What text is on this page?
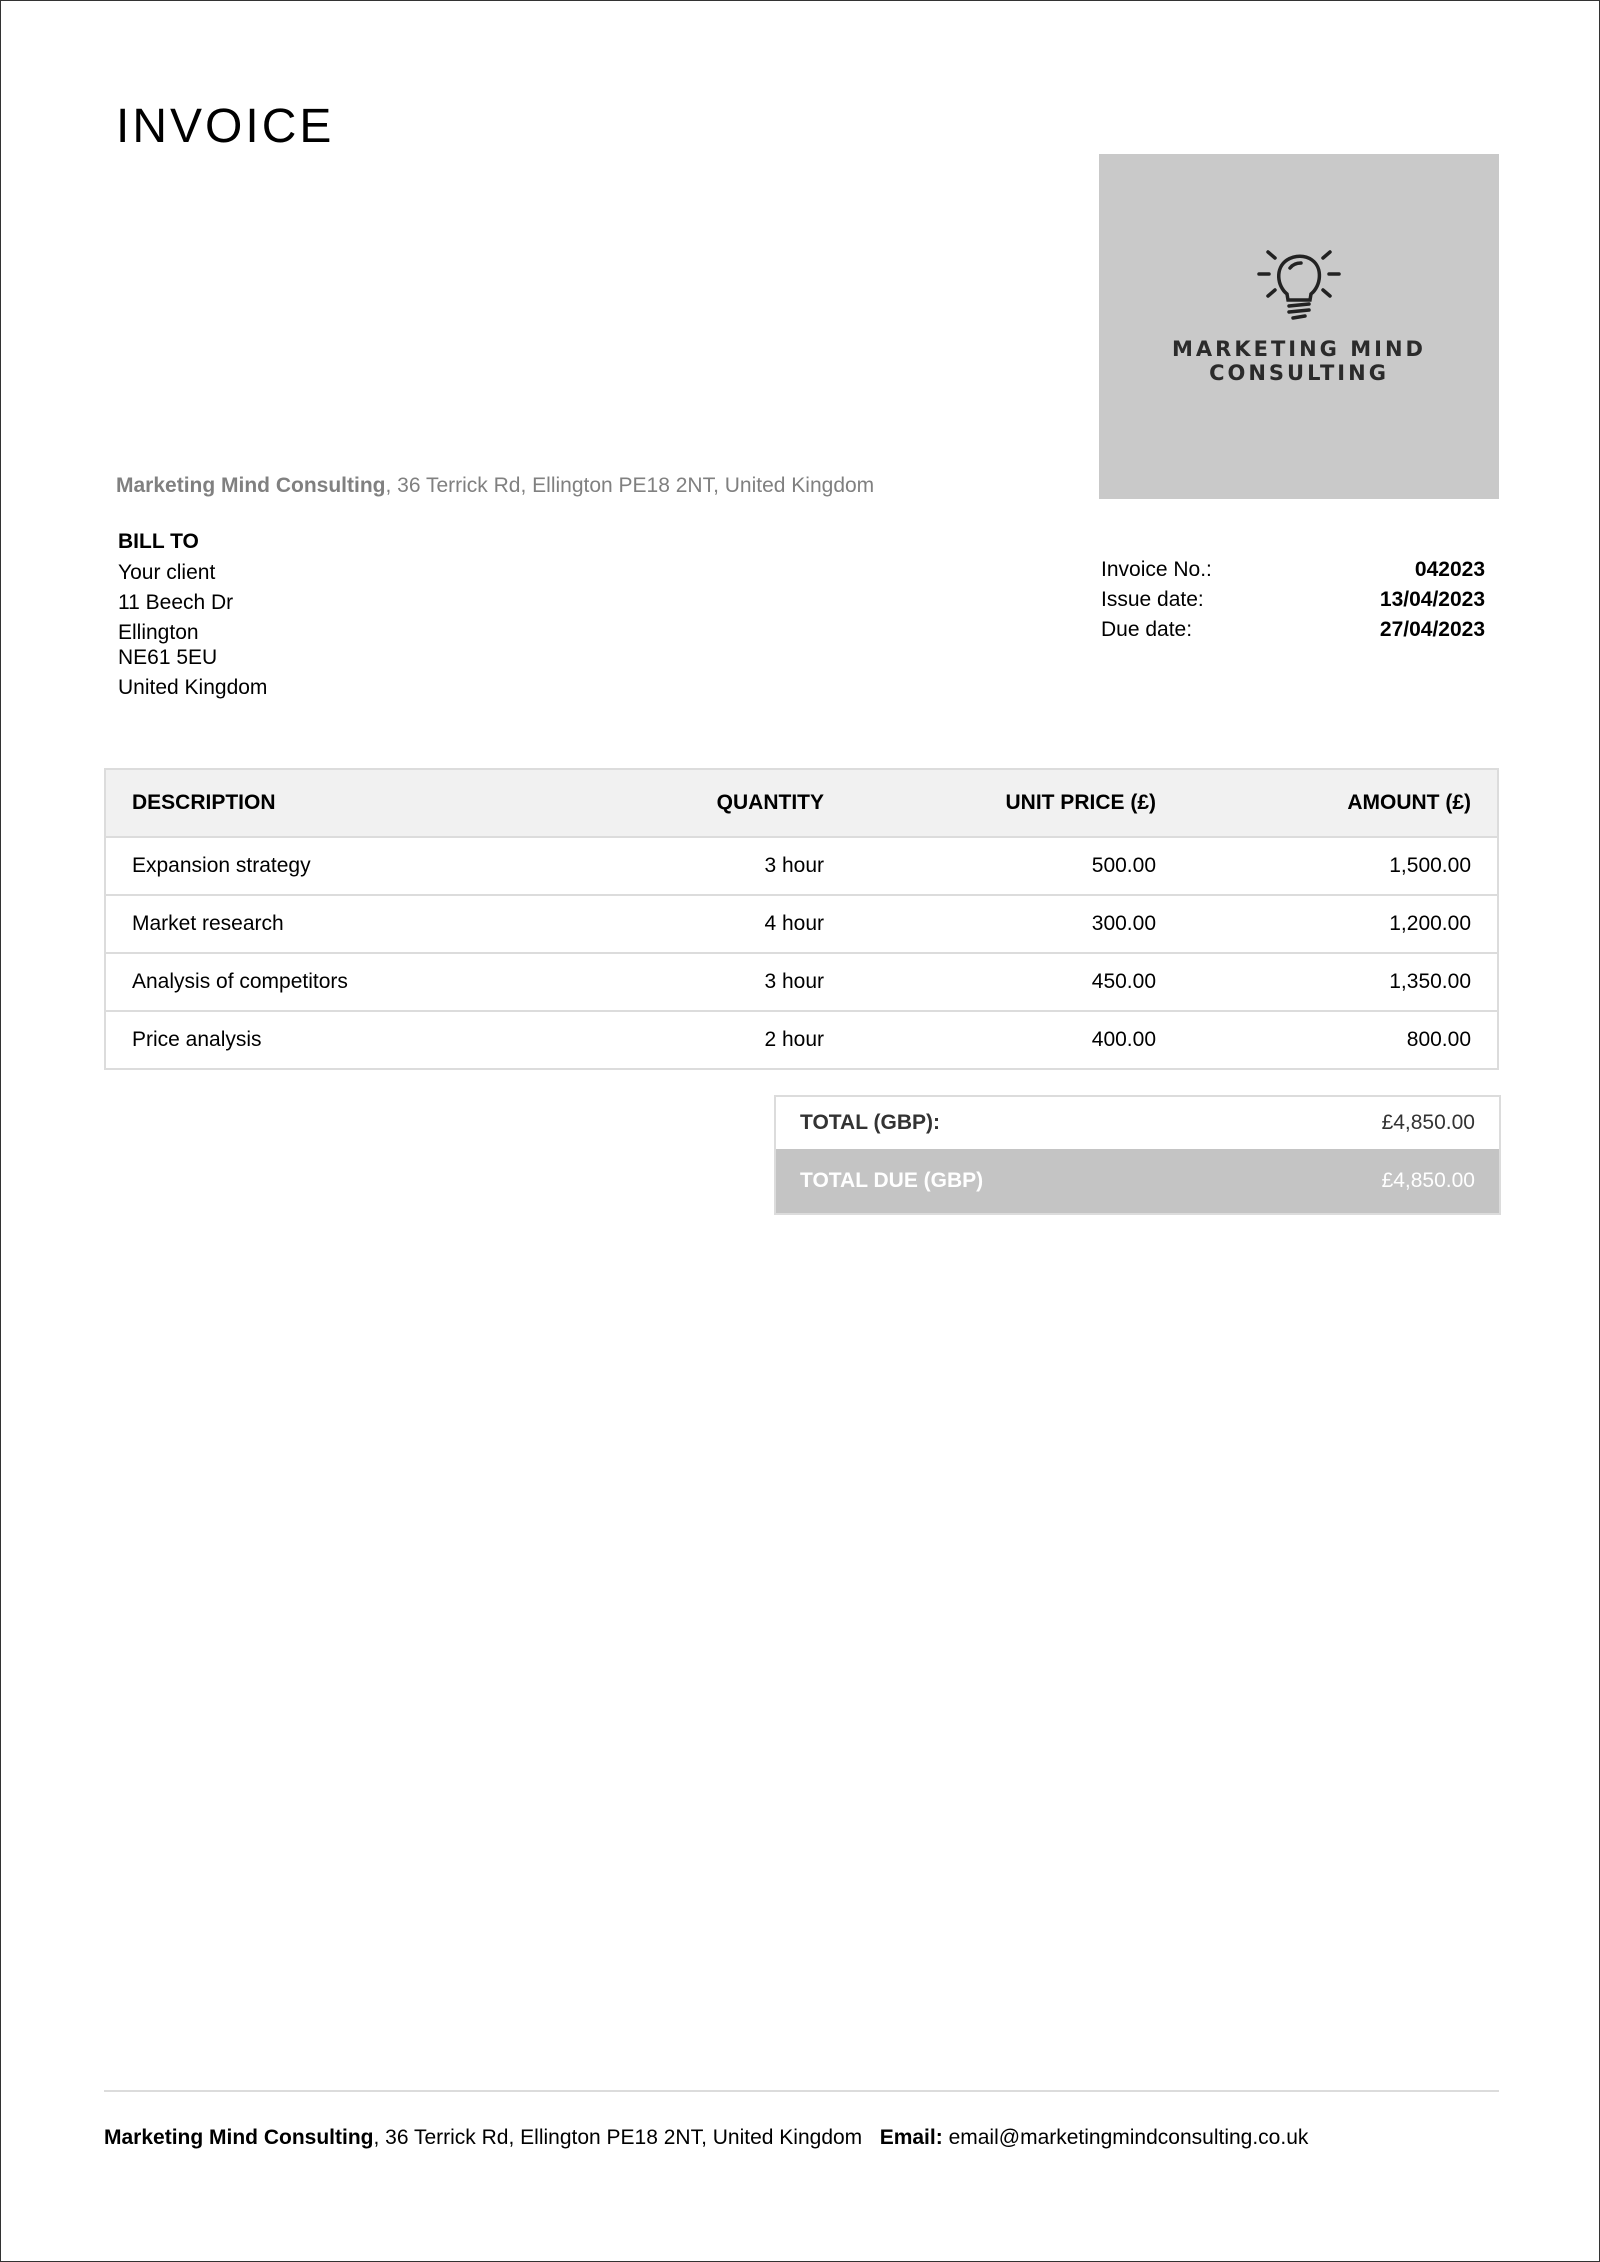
INVOICE
MARKETING MIND CONSULTING
Marketing Mind Consulting, 36 Terrick Rd, Ellington PE18 2NT, United Kingdom
BILL TO
Your client
11 Beech Dr
Ellington
NE61 5EU
United Kingdom
Invoice No.:	042023
Issue date:	13/04/2023
Due date:	27/04/2023
DESCRIPTION	QUANTITY	UNIT PRICE (£)	AMOUNT (£)
Expansion strategy	3 hour	500.00	1,500.00
Market research	4 hour	300.00	1,200.00
Analysis of competitors	3 hour	450.00	1,350.00
Price analysis	2 hour	400.00	800.00
TOTAL (GBP):	£4,850.00
TOTAL DUE (GBP)	£4,850.00
Marketing Mind Consulting, 36 Terrick Rd, Ellington PE18 2NT, United Kingdom Email: email@marketingmindconsulting.co.uk
